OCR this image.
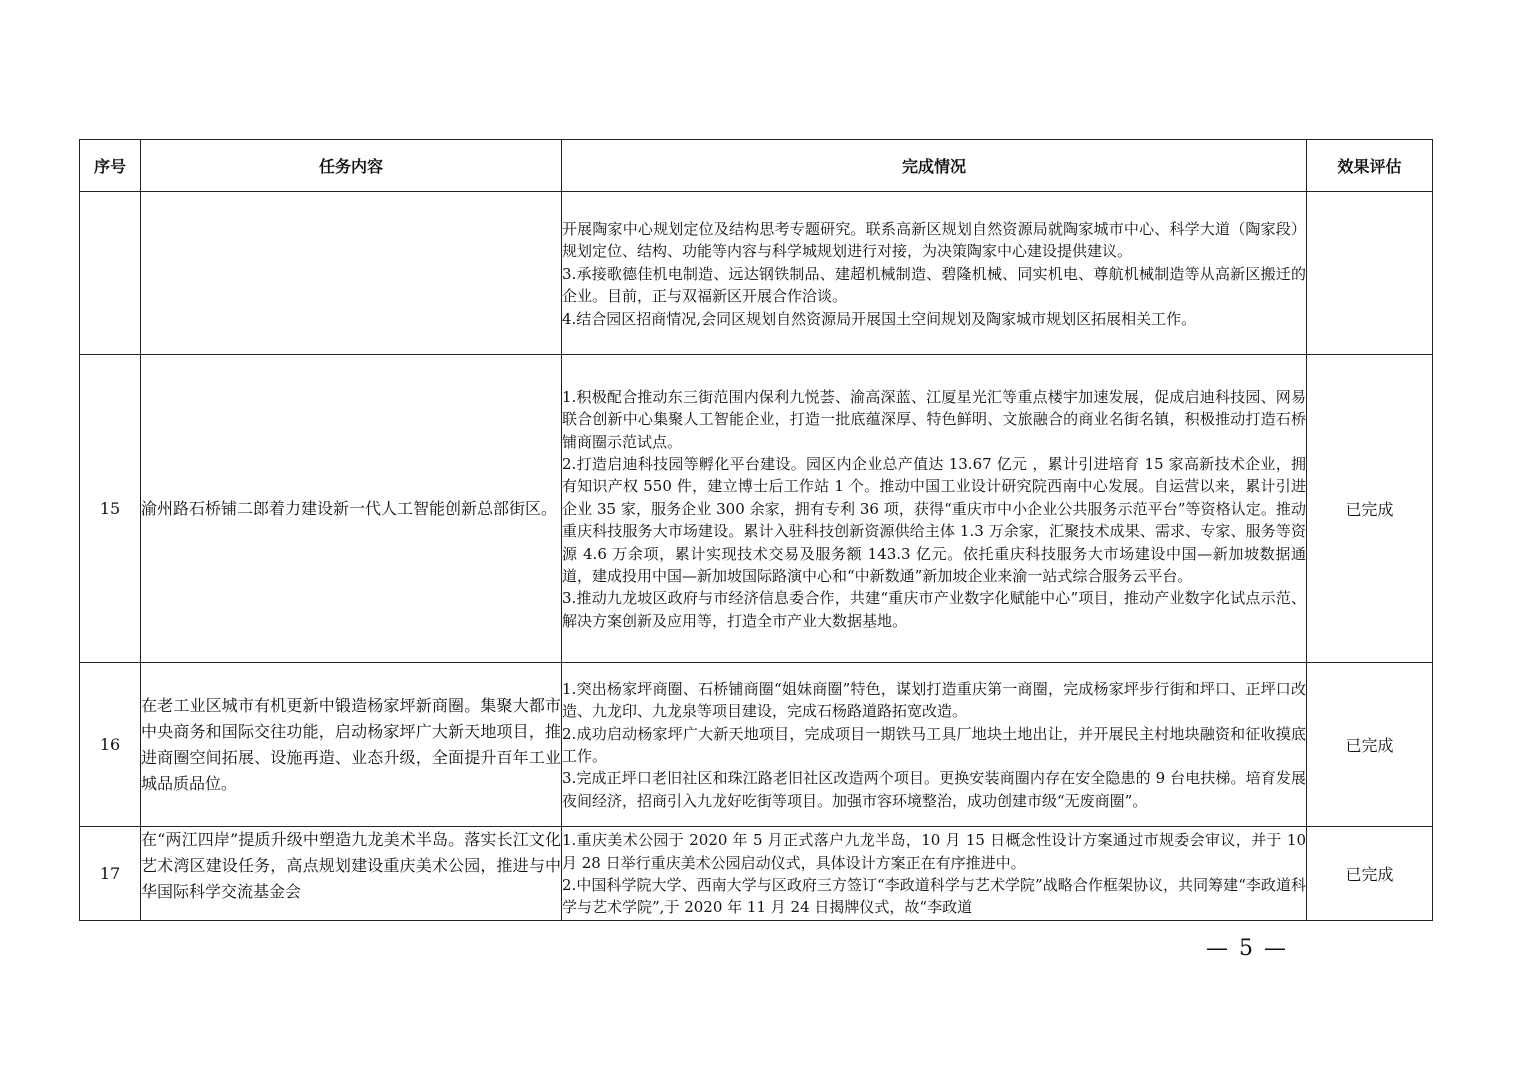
序号	任务内容	完成情况	效果评估

		开展陶家中心规划定位及结构思考专题研究。联系高新区规划自然资源局就陶家城市中心、科学大道（陶家段）规划定位、结构、功能等内容与科学城规划进行对接，为决策陶家中心建设提供建议。

3.承接歌德佳机电制造、远达钢铁制品、建超机械制造、碧隆机械、同实机电、尊航机械制造等从高新区搬迁的企业。目前，正与双福新区开展合作洽谈。

4.结合园区招商情况,会同区规划自然资源局开展国土空间规划及陶家城市规划区拓展相关工作。	

15	渝州路石桥铺二郎着力建设新一代人工智能创新总部街区。	1.积极配合推动东三街范围内保利九悦荟、渝高深蓝、江厦星光汇等重点楼宇加速发展，促成启迪科技园、网易联合创新中心集聚人工智能企业，打造一批底蕴深厚、特色鲜明、文旅融合的商业名街名镇，积极推动打造石桥铺商圈示范试点。

2.打造启迪科技园等孵化平台建设。园区内企业总产值达 13.67 亿元 ，累计引进培育 15 家高新技术企业，拥有知识产权 550 件，建立博士后工作站 1 个。推动中国工业设计研究院西南中心发展。自运营以来，累计引进企业 35 家，服务企业 300 余家，拥有专利 36 项，获得“重庆市中小企业公共服务示范平台”等资格认定。推动重庆科技服务大市场建设。累计入驻科技创新资源供给主体 1.3 万余家，汇聚技术成果、需求、专家、服务等资源 4.6 万余项，累计实现技术交易及服务额 143.3 亿元。依托重庆科技服务大市场建设中国—新加坡数据通道，建成投用中国—新加坡国际路演中心和“中新数通”新加坡企业来渝一站式综合服务云平台。

3.推动九龙坡区政府与市经济信息委合作，共建“重庆市产业数字化赋能中心”项目，推动产业数字化试点示范、解决方案创新及应用等，打造全市产业大数据基地。	已完成
16	在老工业区城市有机更新中锻造杨家坪新商圈。集聚大都市中央商务和国际交往功能，启动杨家坪广大新天地项目，推进商圈空间拓展、设施再造、业态升级，全面提升百年工业城品质品位。	1.突出杨家坪商圈、石桥铺商圈“姐妹商圈”特色，谋划打造重庆第一商圈，完成杨家坪步行街和坪口、正坪口改造、九龙印、九龙泉等项目建设，完成石杨路道路拓宽改造。

2.成功启动杨家坪广大新天地项目，完成项目一期铁马工具厂地块土地出让，并开展民主村地块融资和征收摸底工作。

3.完成正坪口老旧社区和珠江路老旧社区改造两个项目。更换安装商圈内存在安全隐患的 9 台电扶梯。培育发展夜间经济，招商引入九龙好吃街等项目。加强市容环境整治，成功创建市级“无废商圈”。	已完成
17	在“两江四岸”提质升级中塑造九龙美术半岛。落实长江文化艺术湾区建设任务，高点规划建设重庆美术公园，推进与中华国际科学交流基金会	1.重庆美术公园于 2020 年 5 月正式落户九龙半岛，10 月 15 日概念性设计方案通过市规委会审议，并于 10 月 28 日举行重庆美术公园启动仪式，具体设计方案正在有序推进中。

2.中国科学院大学、西南大学与区政府三方签订“李政道科学与艺术学院”战略合作框架协议，共同筹建“李政道科学与艺术学院”,于 2020 年 11 月 24 日揭牌仪式，故“李政道	已完成
— 5 —
